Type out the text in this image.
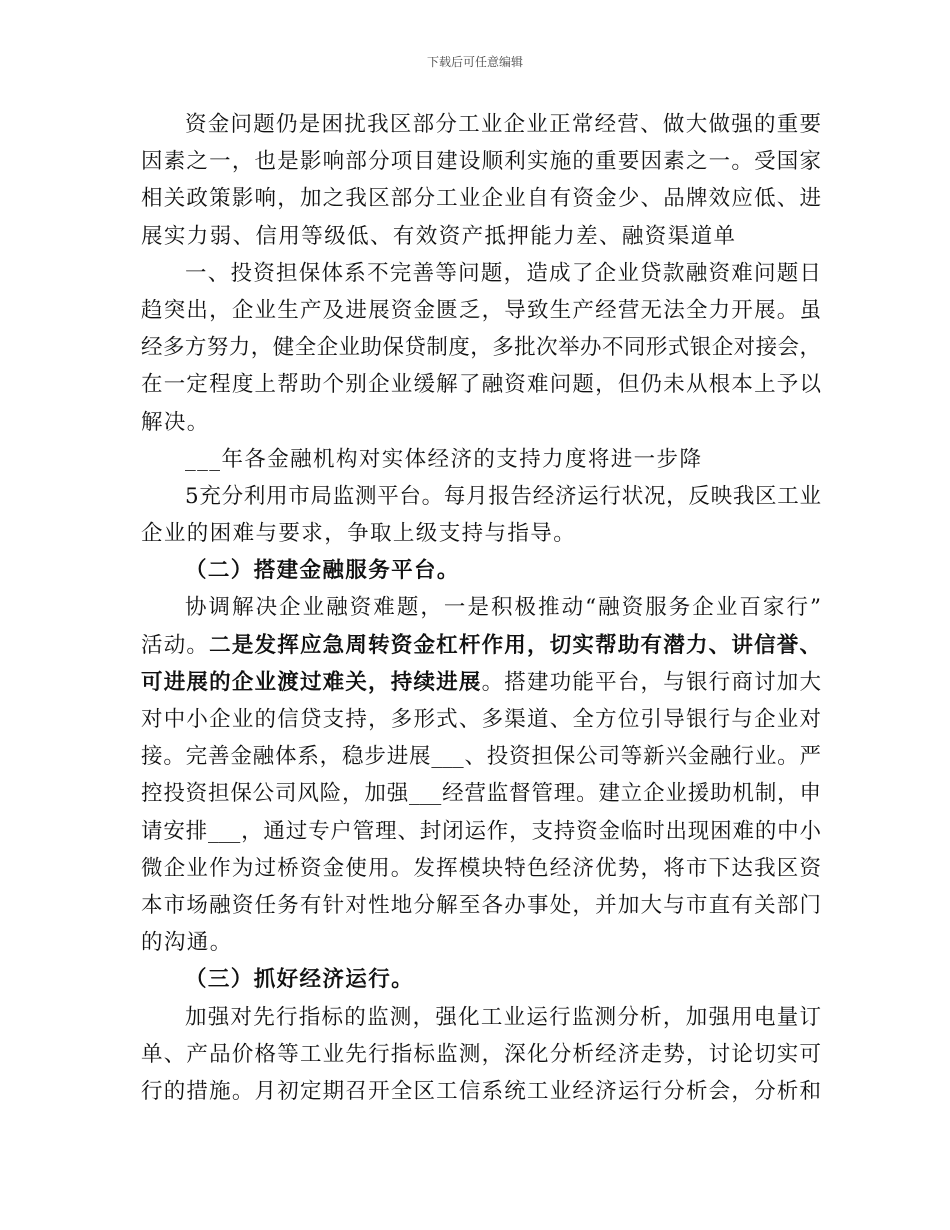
下载后可任意编辑
资金问题仍是困扰我区部分工业企业正常经营、做大做强的重要
因素之一，也是影响部分项目建设顺利实施的重要因素之一。受国家
相关政策影响，加之我区部分工业企业自有资金少、品牌效应低、进
展实力弱、信用等级低、有效资产抵押能力差、融资渠道单
一、投资担保体系不完善等问题，造成了企业贷款融资难问题日
趋突出，企业生产及进展资金匮乏，导致生产经营无法全力开展。虽
经多方努力，健全企业助保贷制度，多批次举办不同形式银企对接会，
在一定程度上帮助个别企业缓解了融资难问题，但仍未从根本上予以
解决。
___年各金融机构对实体经济的支持力度将进一步降
5充分利用市局监测平台。每月报告经济运行状况，反映我区工业
企业的困难与要求，争取上级支持与指导。
（二）搭建金融服务平台。
协调解决企业融资难题，一是积极推动“融资服务企业百家行”
活动。二是发挥应急周转资金杠杆作用，切实帮助有潜力、讲信誉、
可进展的企业渡过难关，持续进展。搭建功能平台，与银行商讨加大
对中小企业的信贷支持，多形式、多渠道、全方位引导银行与企业对
接。完善金融体系，稳步进展___、投资担保公司等新兴金融行业。严
控投资担保公司风险，加强___经营监督管理。建立企业援助机制，申
请安排___，通过专户管理、封闭运作，支持资金临时出现困难的中小
微企业作为过桥资金使用。发挥模块特色经济优势，将市下达我区资
本市场融资任务有针对性地分解至各办事处，并加大与市直有关部门
的沟通。
（三）抓好经济运行。
加强对先行指标的监测，强化工业运行监测分析，加强用电量订
单、产品价格等工业先行指标监测，深化分析经济走势，讨论切实可
行的措施。月初定期召开全区工信系统工业经济运行分析会，分析和
